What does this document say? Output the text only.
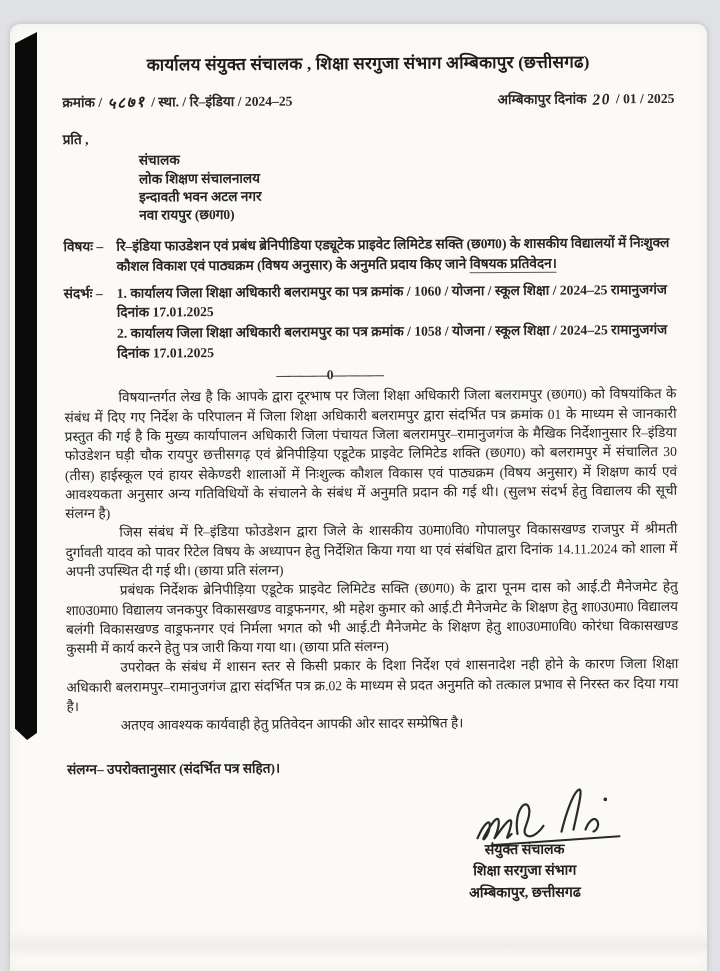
कार्यालय संयुक्त संचालक , शिक्षा सरगुजा संभाग अम्बिकापुर (छत्तीसगढ)
क्रमांक / ५८७१ / स्था. / रि–इंडिया / 2024–25	अम्बिकापुर दिनांक 20 / 01 / 2025
प्रति ,
संचालक
लोक शिक्षण संचालनालय
इन्दावती भवन अटल नगर
नवा रायपुर (छ0ग0)
विषयः – रि–इंडिया फाउडेशन एवं प्रबंध ब्रेनिपीडिया एड्यूटेक प्राइवेट लिमिटेड सक्ति (छ0ग0) के शासकीय विद्यालयों में निःशुक्ल कौशल विकाश एवं पाठ्यक्रम (विषय अनुसार) के अनुमति प्रदाय किए जाने विषयक प्रतिवेदन।
संदर्भः –	1. कार्यालय जिला शिक्षा अधिकारी बलरामपुर का पत्र क्रमांक / 1060 / योजना / स्कूल शिक्षा / 2024–25 रामानुजगंज दिनांक 17.01.2025
2. कार्यालय जिला शिक्षा अधिकारी बलरामपुर का पत्र क्रमांक / 1058 / योजना / स्कूल शिक्षा / 2024–25 रामानुजगंज दिनांक 17.01.2025
————0————

विषयान्तर्गत लेख है कि आपके द्वारा दूरभाष पर जिला शिक्षा अधिकारी जिला बलरामपुर (छ0ग0) को विषयांकित के संबंध में दिए गए निर्देश के परिपालन में जिला शिक्षा अधिकारी बलरामपुर द्वारा संदर्भित पत्र क्रमांक 01 के माध्यम से जानकारी प्रस्तुत की गई है कि मुख्य कार्यापालन अधिकारी जिला पंचायत जिला बलरामपुर–रामानुजगंज के मैखिक निर्देशानुसार रि–इंडिया फोउडेशन घड़ी चौक रायपुर छत्तीसगढ़ एवं ब्रेनिपीड़िया एडूटेक प्राइवेट लिमिटेड शक्ति (छ0ग0) को बलरामपुर में संचालित 30 (तीस) हाईस्कूल एवं हायर सेकेण्डरी शालाओं में निःशुल्क कौशल विकास एवं पाठ्यक्रम (विषय अनुसार) में शिक्षण कार्य एवं आवश्यकता अनुसार अन्य गतिविधियों के संचालने के संबंध में अनुमति प्रदान की गई थी। (सुलभ संदर्भ हेतु विद्यालय की सूची संलग्न है)

जिस संबंध में रि–इंडिया फोउडेशन द्वारा जिले के शासकीय उ0मा0वि0 गोपालपुर विकासखण्ड राजपुर में श्रीमती दुर्गावती यादव को पावर रिटेल विषय के अध्यापन हेतु निर्देशित किया गया था एवं संबंधित द्वारा दिनांक 14.11.2024 को शाला में अपनी उपस्थित दी गई थी। (छाया प्रति संलग्न)

प्रबंधक निर्देशक ब्रेनिपीड़िया एडूटेक प्राइवेट लिमिटेड सक्ति (छ0ग0) के द्वारा पूनम दास को आई.टी मैनेजमेट हेतु शा0उ0मा0 विद्यालय जनकपुर विकासखण्ड वाड्रफनगर, श्री महेश कुमार को आई.टी मैनेजमेट के शिक्षण हेतु शा0उ0मा0 विद्यालय बलंगी विकासखण्ड वाड्रफनगर एवं निर्मला भगत को भी आई.टी मैनेजमेट के शिक्षण हेतु शा0उ0मा0वि0 कोरंधा विकासखण्ड कुसमी में कार्य करने हेतु पत्र जारी किया गया था। (छाया प्रति संलग्न)

उपरोक्त के संबंध में शासन स्तर से किसी प्रकार के दिशा निर्देश एवं शासनादेश नही होने के कारण जिला शिक्षा अधिकारी बलरामपुर–रामानुजगंज द्वारा संदर्भित पत्र क्र.02 के माध्यम से प्रदत अनुमति को तत्काल प्रभाव से निरस्त कर दिया गया है।

अतएव आवश्यक कार्यवाही हेतु प्रतिवेदन आपकी ओर सादर सम्प्रेषित है।

संलग्न– उपरोक्तानुसार (संदर्भित पत्र सहित)।
संयुक्त संचालक
शिक्षा सरगुजा संभाग
अम्बिकापुर, छत्तीसगढ
